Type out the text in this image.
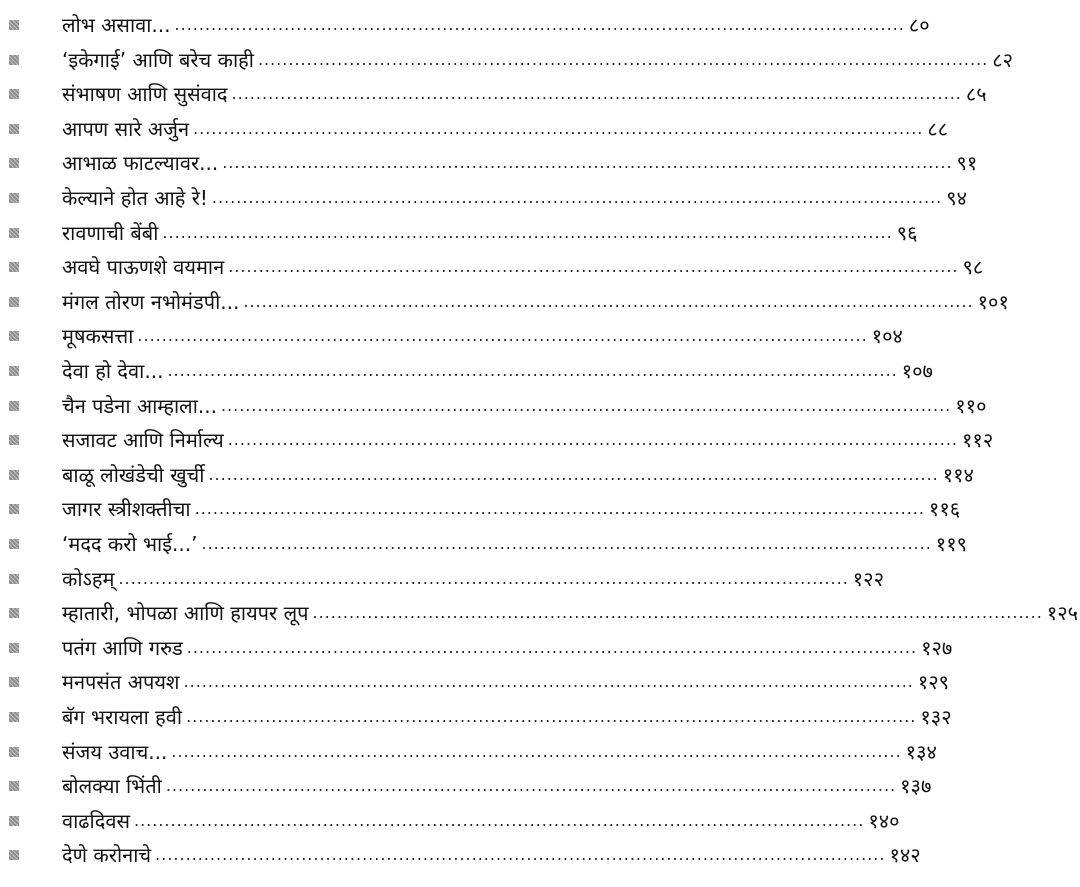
लोभ असावा... ........................................................................................................................ ८०
‘इकेगाई’ आणि बरेच काही ........................................................................................................................ ८२
संभाषण आणि सुसंवाद ........................................................................................................................ ८५
आपण सारे अर्जुन ........................................................................................................................ ८८
आभाळ फाटल्यावर... ........................................................................................................................ ९१
केल्याने होत आहे रे! ........................................................................................................................ ९४
रावणाची बेंबी ........................................................................................................................ ९६
अवघे पाऊणशे वयमान ........................................................................................................................ ९८
मंगल तोरण नभोमंडपी... ........................................................................................................................ १०१
मूषकसत्ता ........................................................................................................................ १०४
देवा हो देवा... ........................................................................................................................ १०७
चैन पडेना आम्हाला... ........................................................................................................................ ११०
सजावट आणि निर्माल्य ........................................................................................................................ ११२
बाळू लोखंडेची खुर्ची ........................................................................................................................ ११४
जागर स्त्रीशक्तीचा ........................................................................................................................ ११६
‘मदद करो भाई...’ ........................................................................................................................ ११९
कोऽहम् ........................................................................................................................ १२२
म्हातारी, भोपळा आणि हायपर लूप ........................................................................................................................ १२५
पतंग आणि गरुड ........................................................................................................................ १२७
मनपसंत अपयश ........................................................................................................................ १२९
बॅग भरायला हवी ........................................................................................................................ १३२
संजय उवाच... ........................................................................................................................ १३४
बोलक्या भिंती ........................................................................................................................ १३७
वाढदिवस ........................................................................................................................ १४०
देणे करोनाचे ........................................................................................................................ १४२
